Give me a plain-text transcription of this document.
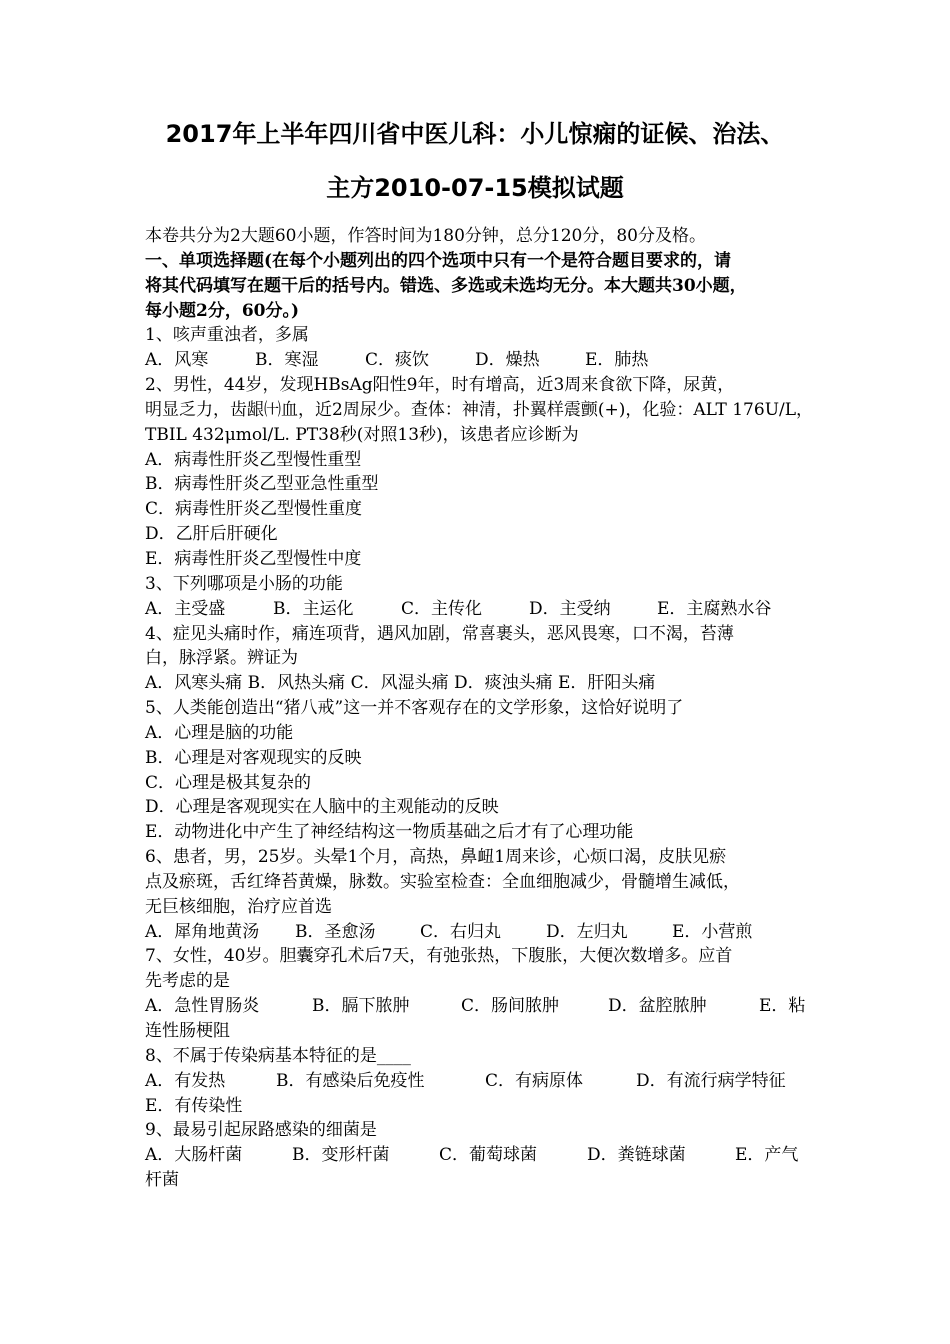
2017年上半年四川省中医儿科：小儿惊痫的证候、治法、
主方2010-07-15模拟试题
本卷共分为2大题60小题，作答时间为180分钟，总分120分，80分及格。
一、单项选择题(在每个小题列出的四个选项中只有一个是符合题目要求的，请
将其代码填写在题干后的括号内。错选、多选或未选均无分。本大题共30小题，
每小题2分，60分。)
1、咳声重浊者，多属
A．风寒	B．寒湿	C．痰饮	D．燥热	E．肺热
2、男性，44岁，发现HBsAg阳性9年，时有增高，近3周来食欲下降，尿黄，
明显乏力，齿龈㈩血，近2周尿少。查体：神清，扑翼样震颤(+)，化验：ALT 176U/L，
TBIL 432μmol/L. PT38秒(对照13秒)，该患者应诊断为
A．病毒性肝炎乙型慢性重型
B．病毒性肝炎乙型亚急性重型
C．病毒性肝炎乙型慢性重度
D．乙肝后肝硬化
E．病毒性肝炎乙型慢性中度
3、下列哪项是小肠的功能
A．主受盛	B．主运化	C．主传化	D．主受纳	E．主腐熟水谷
4、症见头痛时作，痛连项背，遇风加剧，常喜裹头，恶风畏寒，口不渴，苔薄
白，脉浮紧。辨证为
A．风寒头痛 B．风热头痛 C．风湿头痛 D．痰浊头痛 E．肝阳头痛
5、人类能创造出“猪八戒”这一并不客观存在的文学形象，这恰好说明了
A．心理是脑的功能
B．心理是对客观现实的反映
C．心理是极其复杂的
D．心理是客观现实在人脑中的主观能动的反映
E．动物进化中产生了神经结构这一物质基础之后才有了心理功能
6、患者，男，25岁。头晕1个月，高热，鼻衄1周来诊，心烦口渴，皮肤见瘀
点及瘀斑，舌红绛苔黄燥，脉数。实验室检查：全血细胞减少，骨髓增生减低，
无巨核细胞，治疗应首选
A．犀角地黄汤 B．圣愈汤	C．右归丸	D．左归丸	E．小营煎
7、女性，40岁。胆囊穿孔术后7天，有弛张热，下腹胀，大便次数增多。应首
先考虑的是
A．急性胃肠炎	B．膈下脓肿	C．肠间脓肿	D．盆腔脓肿	E．粘
连性肠梗阻
8、不属于传染病基本特征的是____
A．有发热	B．有感染后免疫性	C．有病原体	D．有流行病学特征
E．有传染性
9、最易引起尿路感染的细菌是
A．大肠杆菌	B．变形杆菌	C．葡萄球菌	D．粪链球菌	E．产气
杆菌
